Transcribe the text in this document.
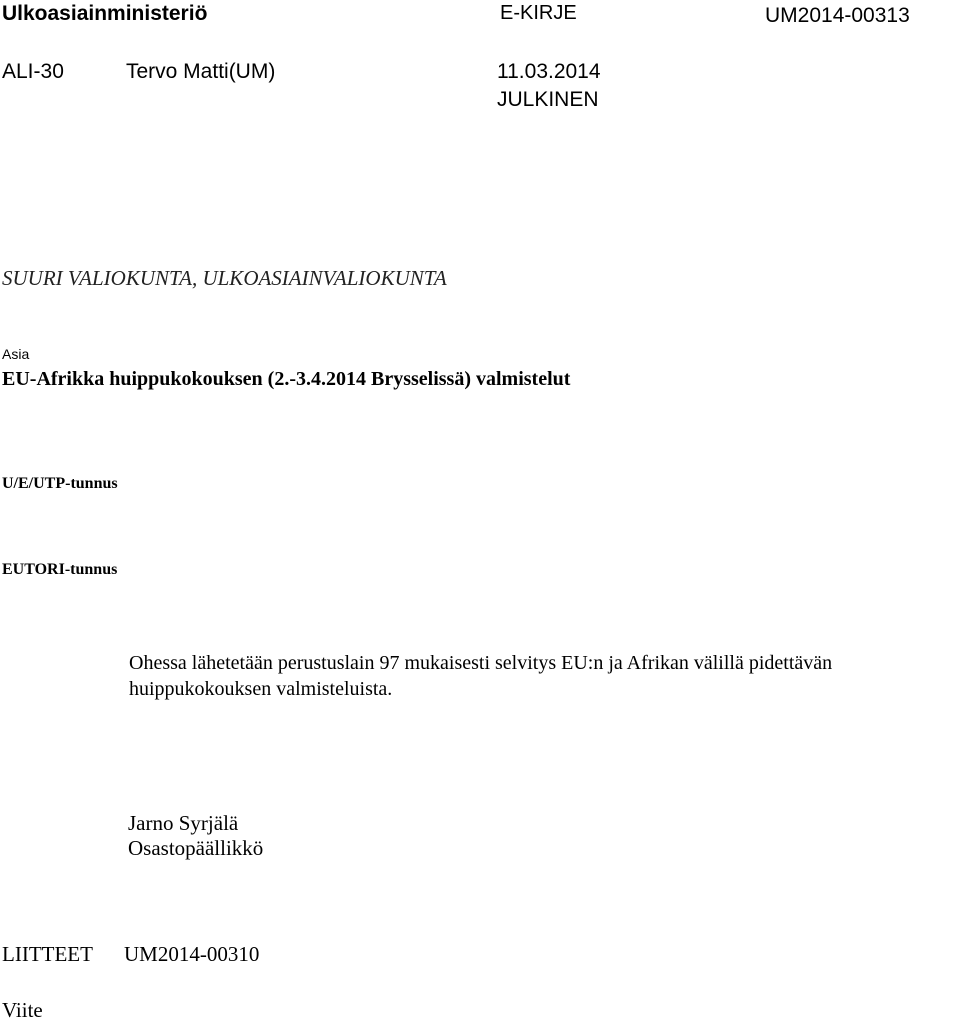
Ulkoasiainministeriö	E-KIRJE	UM2014-00313
ALI-30	Tervo Matti(UM)	11.03.2014
JULKINEN
SUURI VALIOKUNTA, ULKOASIAINVALIOKUNTA
Asia
EU-Afrikka huippukokouksen (2.-3.4.2014 Brysselissä) valmistelut
U/E/UTP-tunnus
EUTORI-tunnus
Ohessa lähetetään perustuslain 97 mukaisesti selvitys EU:n ja Afrikan välillä pidettävän huippukokouksen valmisteluista.
Jarno Syrjälä
Osastopäällikkö
LIITTEET UM2014-00310
Viite
